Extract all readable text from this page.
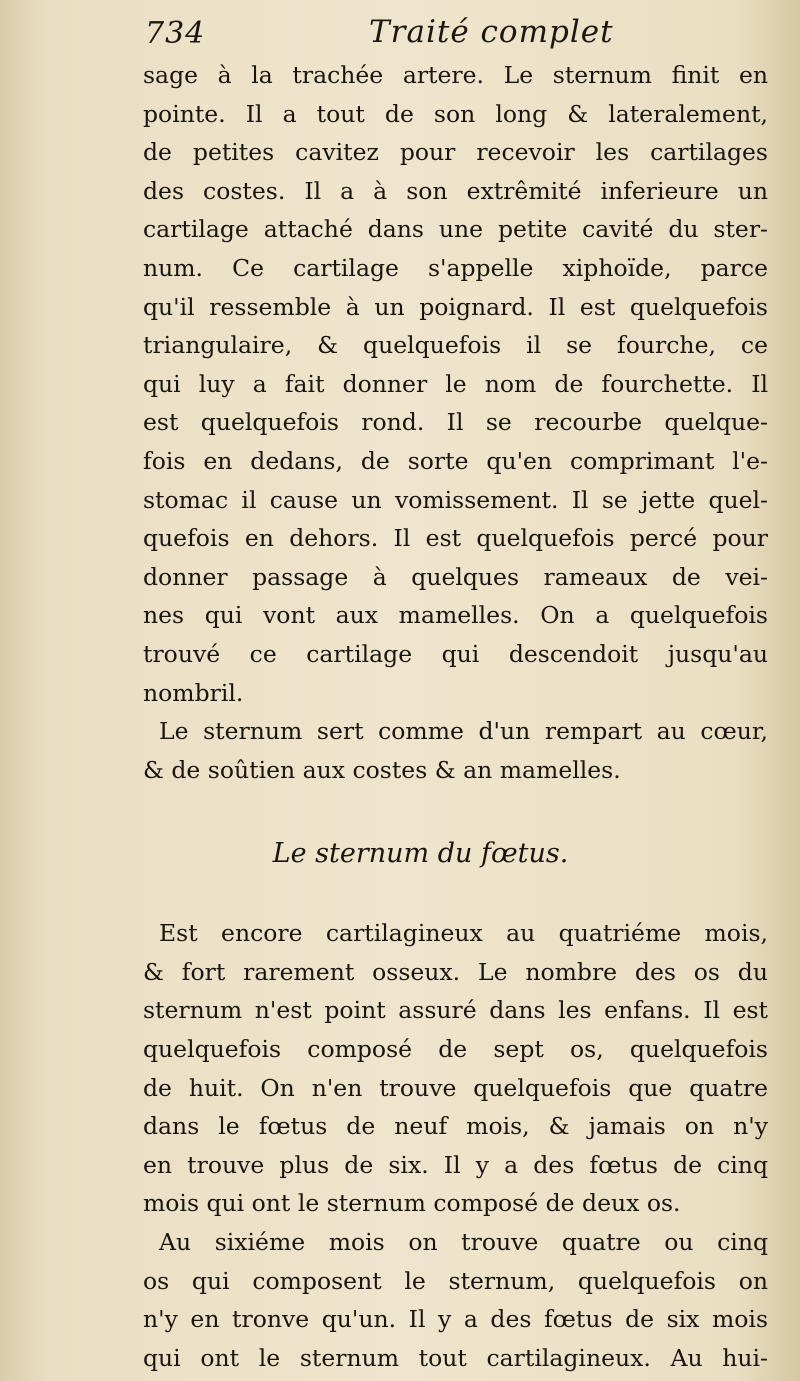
734	Traité complet
sage à la trachée artere. Le sternum finit en
pointe. Il a tout de son long & lateralement,
de petites cavitez pour recevoir les cartilages
des costes. Il a à son extrêmité inferieure un
cartilage attaché dans une petite cavité du ster-
num. Ce cartilage s'appelle xiphoïde, parce
qu'il ressemble à un poignard. Il est quelquefois
triangulaire, & quelquefois il se fourche, ce
qui luy a fait donner le nom de fourchette. Il
est quelquefois rond. Il se recourbe quelque-
fois en dedans, de sorte qu'en comprimant l'e-
stomac il cause un vomissement. Il se jette quel-
quefois en dehors. Il est quelquefois percé pour
donner passage à quelques rameaux de vei-
nes qui vont aux mamelles. On a quelquefois
trouvé ce cartilage qui descendoit jusqu'au
nombril.
Le sternum sert comme d'un rempart au cœur,
& de soûtien aux costes & an mamelles.
Le sternum du fœtus.
Est encore cartilagineux au quatriéme mois,
& fort rarement osseux. Le nombre des os du
sternum n'est point assuré dans les enfans. Il est
quelquefois composé de sept os, quelquefois
de huit. On n'en trouve quelquefois que quatre
dans le fœtus de neuf mois, & jamais on n'y
en trouve plus de six. Il y a des fœtus de cinq
mois qui ont le sternum composé de deux os.
Au sixiéme mois on trouve quatre ou cinq
os qui composent le sternum, quelquefois on
n'y en tronve qu'un. Il y a des fœtus de six mois
qui ont le sternum tout cartilagineux. Au hui-
